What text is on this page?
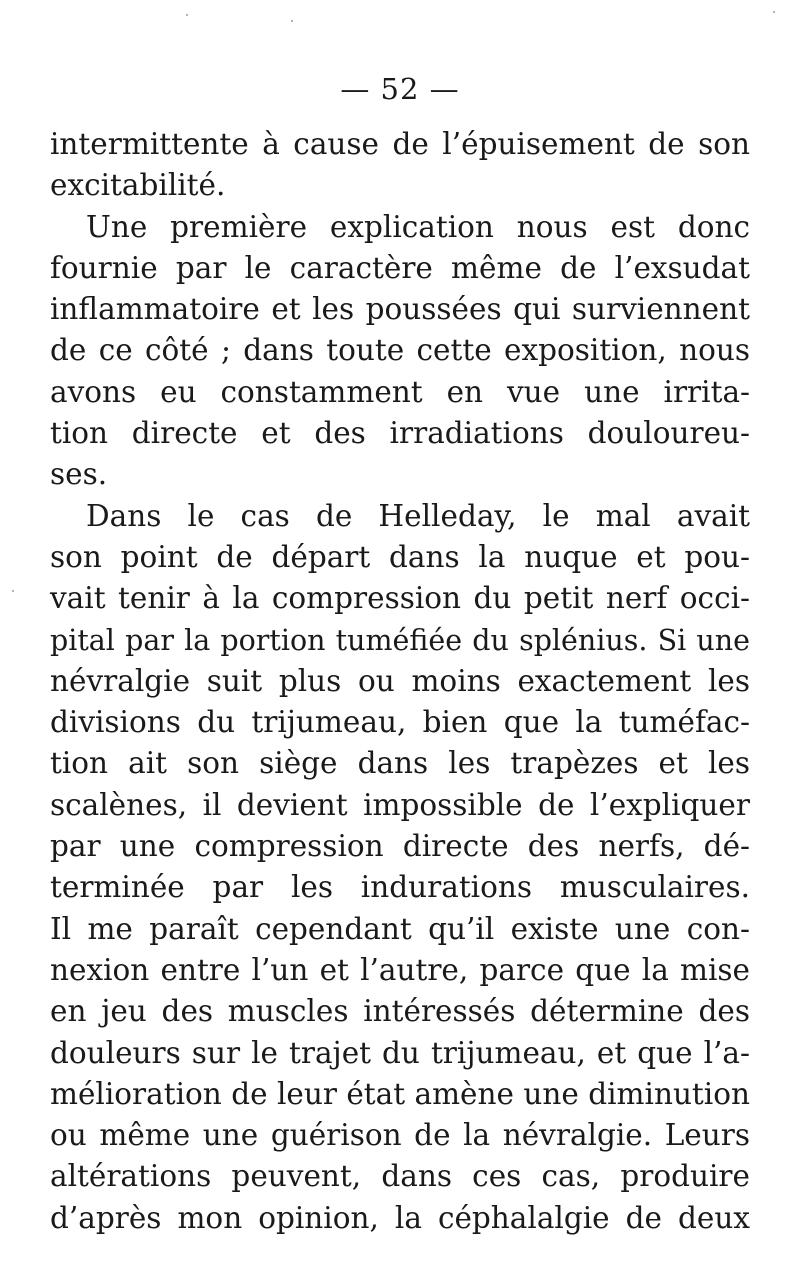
— 52 —
intermittente à cause de l’épuisement de son
excitabilité.
Une première explication nous est donc
fournie par le caractère même de l’exsudat
inflammatoire et les poussées qui surviennent
de ce côté ; dans toute cette exposition, nous
avons eu constamment en vue une irrita-
tion directe et des irradiations douloureu-
ses.
Dans le cas de Helleday, le mal avait
son point de départ dans la nuque et pou-
vait tenir à la compression du petit nerf occi-
pital par la portion tuméfiée du splénius. Si une
névralgie suit plus ou moins exactement les
divisions du trijumeau, bien que la tuméfac-
tion ait son siège dans les trapèzes et les
scalènes, il devient impossible de l’expliquer
par une compression directe des nerfs, dé-
terminée par les indurations musculaires.
Il me paraît cependant qu’il existe une con-
nexion entre l’un et l’autre, parce que la mise
en jeu des muscles intéressés détermine des
douleurs sur le trajet du trijumeau, et que l’a-
mélioration de leur état amène une diminution
ou même une guérison de la névralgie. Leurs
altérations peuvent, dans ces cas, produire
d’après mon opinion, la céphalalgie de deux
